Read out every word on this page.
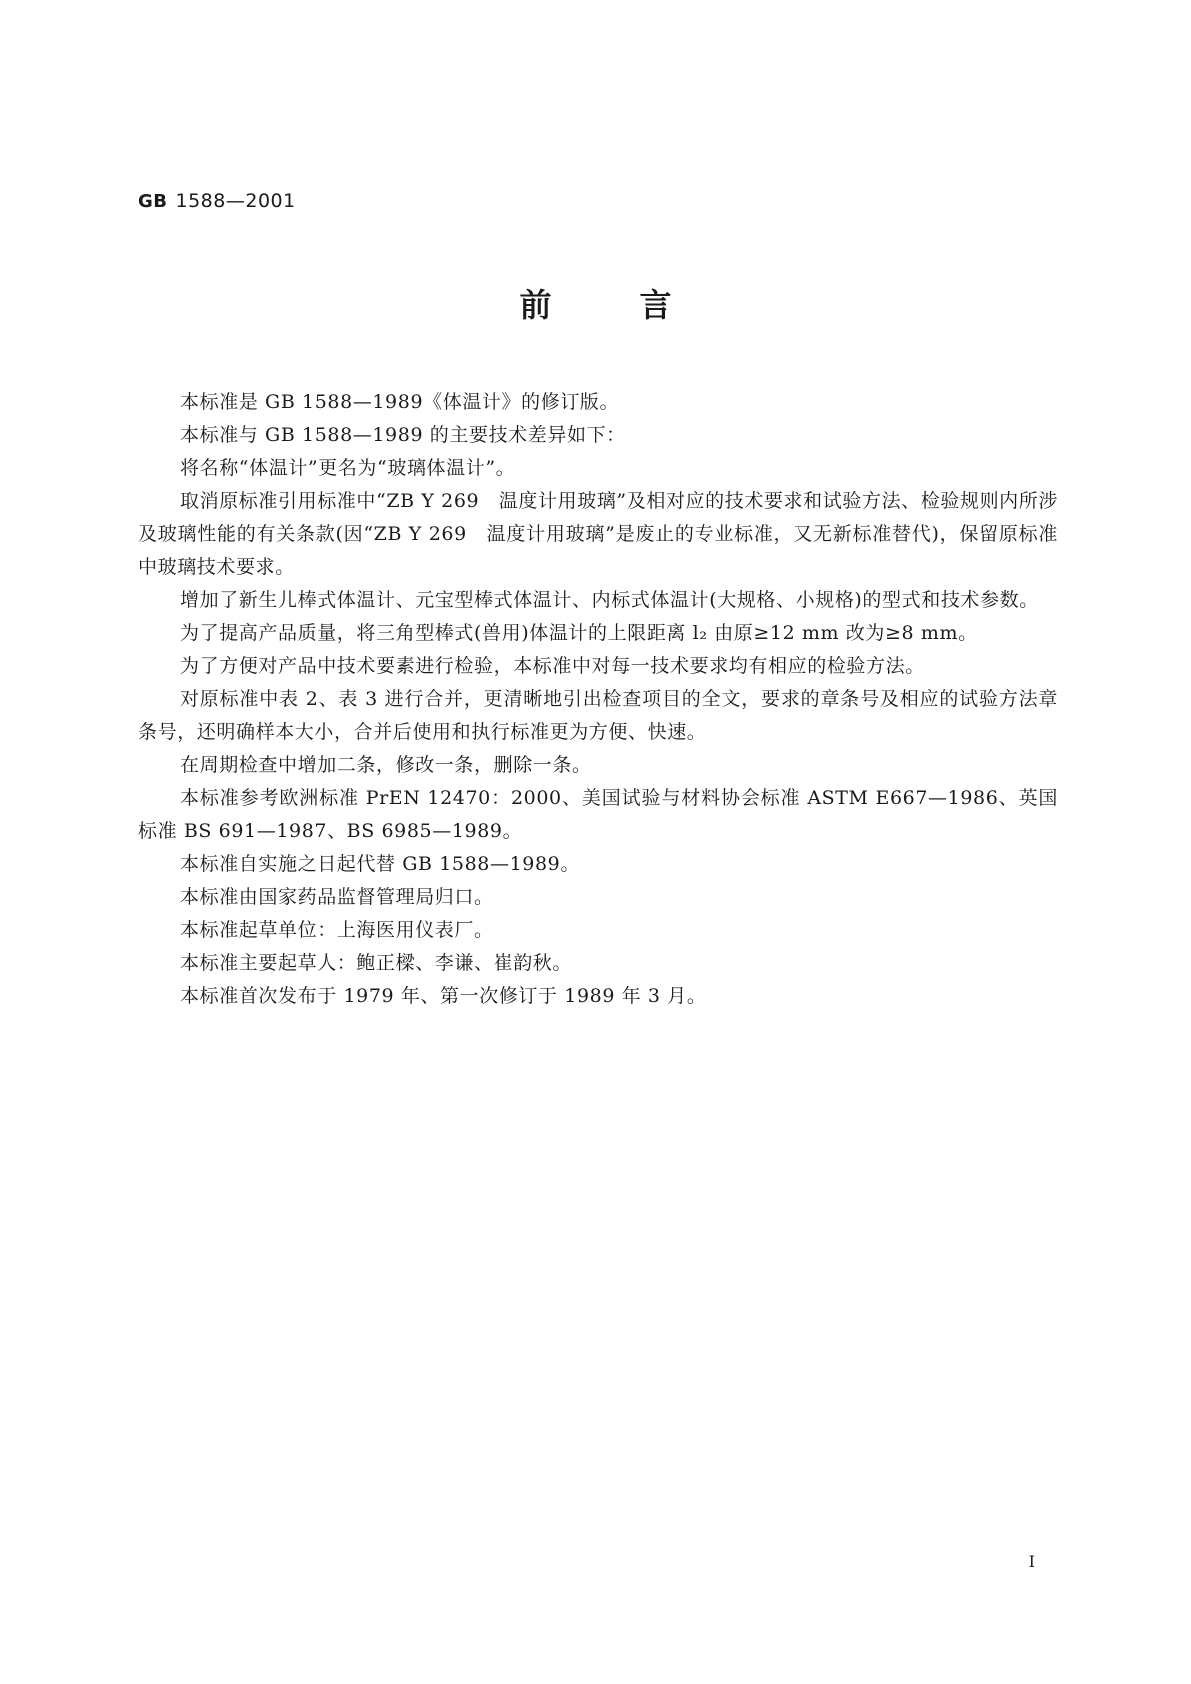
GB 1588—2001
前	言

本标准是 GB 1588—1989《体温计》的修订版。

本标准与 GB 1588—1989 的主要技术差异如下：

将名称“体温计”更名为“玻璃体温计”。

取消原标准引用标准中“ZB Y 269　温度计用玻璃”及相对应的技术要求和试验方法、检验规则内所涉及玻璃性能的有关条款(因“ZB Y 269　温度计用玻璃”是废止的专业标准，又无新标准替代)，保留原标准中玻璃技术要求。

增加了新生儿棒式体温计、元宝型棒式体温计、内标式体温计(大规格、小规格)的型式和技术参数。

为了提高产品质量，将三角型棒式(兽用)体温计的上限距离 l₂ 由原≥12 mm 改为≥8 mm。

为了方便对产品中技术要素进行检验，本标准中对每一技术要求均有相应的检验方法。

对原标准中表 2、表 3 进行合并，更清晰地引出检查项目的全文，要求的章条号及相应的试验方法章条号，还明确样本大小，合并后使用和执行标准更为方便、快速。

在周期检查中增加二条，修改一条，删除一条。

本标准参考欧洲标准 PrEN 12470：2000、美国试验与材料协会标准 ASTM E667—1986、英国标准 BS 691—1987、BS 6985—1989。

本标准自实施之日起代替 GB 1588—1989。

本标准由国家药品监督管理局归口。

本标准起草单位：上海医用仪表厂。

本标准主要起草人：鲍正樑、李谦、崔韵秋。

本标准首次发布于 1979 年、第一次修订于 1989 年 3 月。

I
